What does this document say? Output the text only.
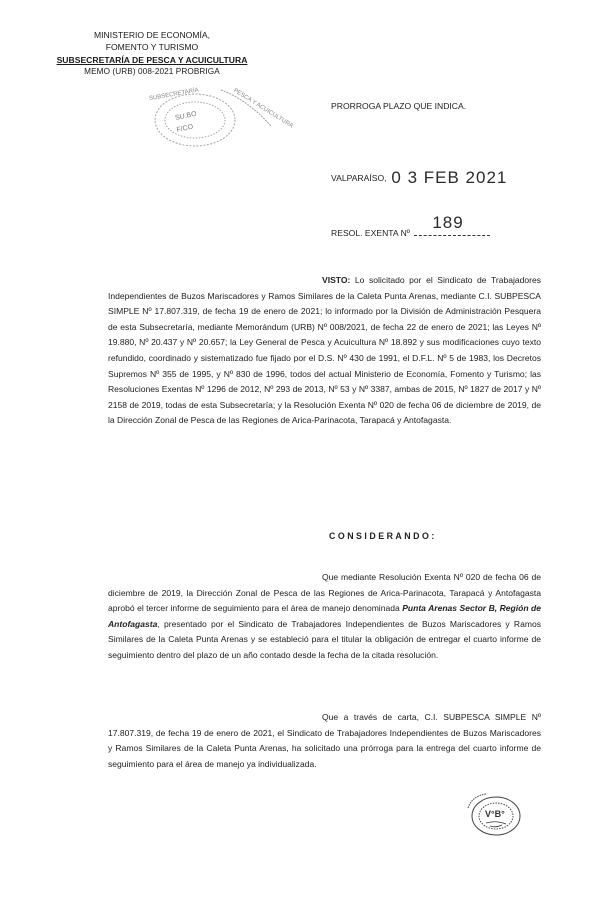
MINISTERIO DE ECONOMÍA,
FOMENTO Y TURISMO
SUBSECRETARÍA DE PESCA Y ACUICULTURA
MEMO (URB) 008-2021 PROBRIGA
SU.BO
F/CO	PESCA Y ACUICULTURA
SUBSECRETARÍA
PRORROGA PLAZO QUE INDICA.
VALPARAÍSO, 0 3 FEB 2021
RESOL. EXENTA Nº
189
VISTO: Lo solicitado por el Sindicato de Trabajadores Independientes de Buzos Mariscadores y Ramos Similares de la Caleta Punta Arenas, mediante C.I. SUBPESCA SIMPLE Nº 17.807.319, de fecha 19 de enero de 2021; lo informado por la División de Administración Pesquera de esta Subsecretaría, mediante Memorándum (URB) Nº 008/2021, de fecha 22 de enero de 2021; las Leyes Nº 19.880, Nº 20.437 y Nº 20.657; la Ley General de Pesca y Acuicultura Nº 18.892 y sus modificaciones cuyo texto refundido, coordinado y sistematizado fue fijado por el D.S. Nº 430 de 1991, el D.F.L. Nº 5 de 1983, los Decretos Supremos Nº 355 de 1995, y Nº 830 de 1996, todos del actual Ministerio de Economía, Fomento y Turismo; las Resoluciones Exentas Nº 1296 de 2012, Nº 293 de 2013, Nº 53 y Nº 3387, ambas de 2015, Nº 1827 de 2017 y Nº 2158 de 2019, todas de esta Subsecretaría; y la Resolución Exenta Nº 020 de fecha 06 de diciembre de 2019, de la Dirección Zonal de Pesca de las Regiones de Arica-Parinacota, Tarapacá y Antofagasta.
CONSIDERANDO:
Que mediante Resolución Exenta Nº 020 de fecha 06 de diciembre de 2019, la Dirección Zonal de Pesca de las Regiones de Arica-Parinacota, Tarapacá y Antofagasta aprobó el tercer informe de seguimiento para el área de manejo denominada Punta Arenas Sector B, Región de Antofagasta, presentado por el Sindicato de Trabajadores Independientes de Buzos Mariscadores y Ramos Similares de la Caleta Punta Arenas y se estableció para el titular la obligación de entregar el cuarto informe de seguimiento dentro del plazo de un año contado desde la fecha de la citada resolución.
Que a través de carta, C.I. SUBPESCA SIMPLE Nº 17.807.319, de fecha 19 de enero de 2021, el Sindicato de Trabajadores Independientes de Buzos Mariscadores y Ramos Similares de la Caleta Punta Arenas, ha solicitado una prórroga para la entrega del cuarto informe de seguimiento para el área de manejo ya individualizada.
V°B°
